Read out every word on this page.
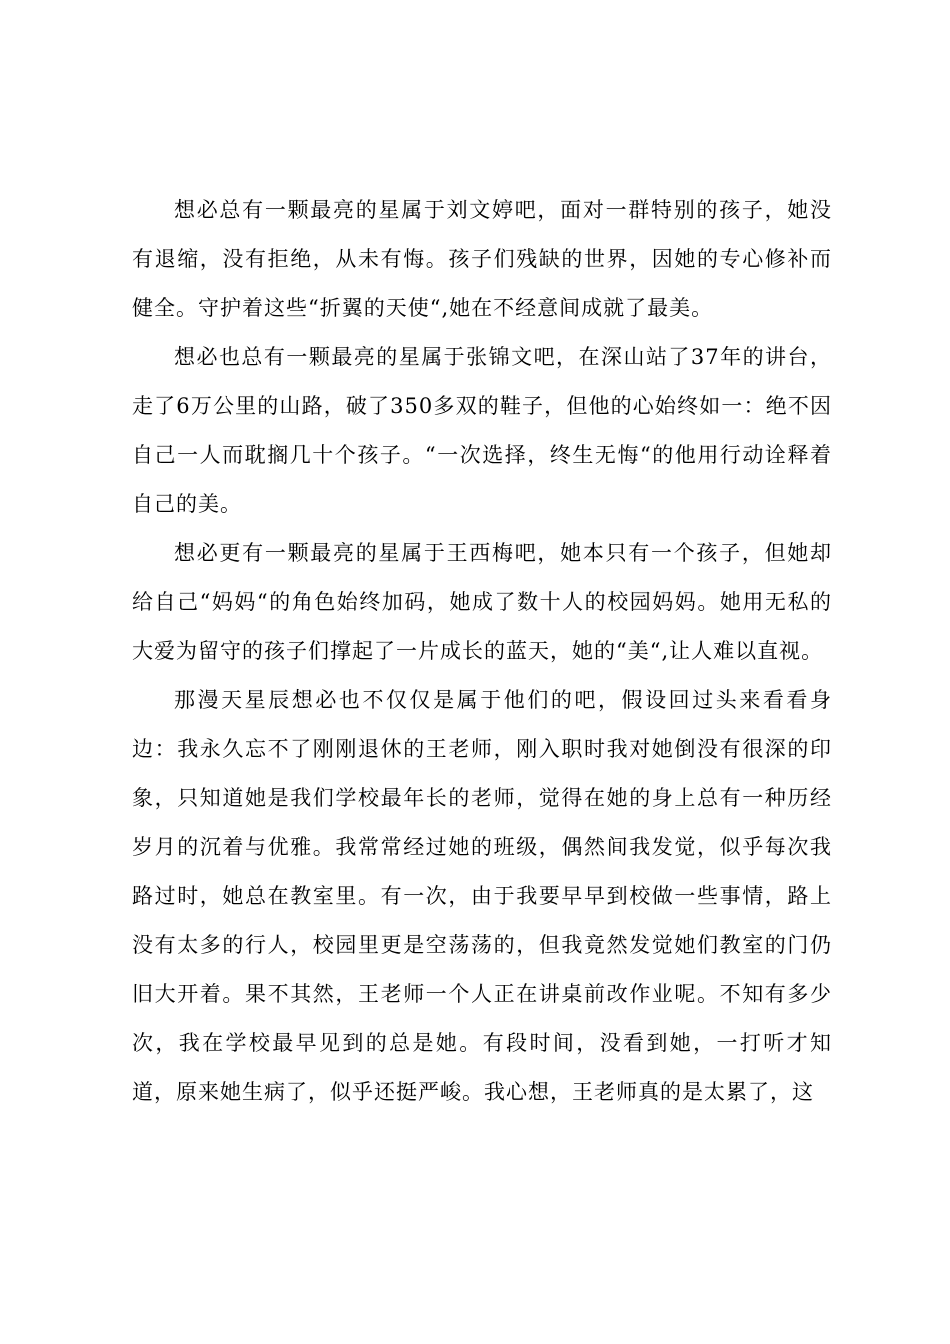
想必总有一颗最亮的星属于刘文婷吧，面对一群特别的孩子，她没有退缩，没有拒绝，从未有悔。孩子们残缺的世界，因她的专心修补而健全。守护着这些“折翼的天使“,她在不经意间成就了最美。

想必也总有一颗最亮的星属于张锦文吧，在深山站了37年的讲台，走了6万公里的山路，破了350多双的鞋子，但他的心始终如一：绝不因自己一人而耽搁几十个孩子。“一次选择，终生无悔“的他用行动诠释着自己的美。

想必更有一颗最亮的星属于王西梅吧，她本只有一个孩子，但她却给自己“妈妈“的角色始终加码，她成了数十人的校园妈妈。她用无私的大爱为留守的孩子们撑起了一片成长的蓝天，她的“美“,让人难以直视。

那漫天星辰想必也不仅仅是属于他们的吧，假设回过头来看看身边：我永久忘不了刚刚退休的王老师，刚入职时我对她倒没有很深的印象，只知道她是我们学校最年长的老师，觉得在她的身上总有一种历经岁月的沉着与优雅。我常常经过她的班级，偶然间我发觉，似乎每次我路过时，她总在教室里。有一次，由于我要早早到校做一些事情，路上没有太多的行人，校园里更是空荡荡的，但我竟然发觉她们教室的门仍旧大开着。果不其然，王老师一个人正在讲桌前改作业呢。不知有多少次，我在学校最早见到的总是她。有段时间，没看到她，一打听才知道，原来她生病了，似乎还挺严峻。我心想，王老师真的是太累了，这
